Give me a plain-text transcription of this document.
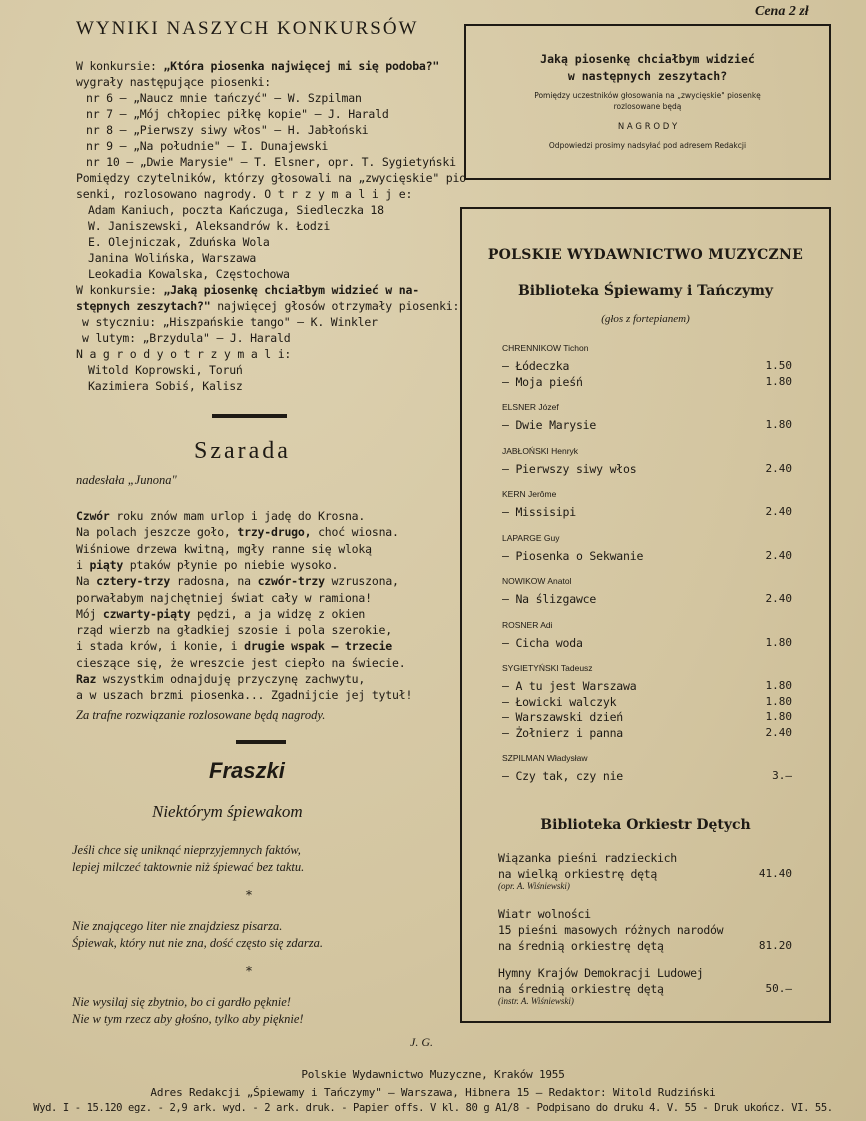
WYNIKI NASZYCH KONKURSÓW
W konkursie: „Która piosenka najwięcej mi się podoba?"
wygrały następujące piosenki:
nr 6 – „Naucz mnie tańczyć" – W. Szpilman
nr 7 – „Mój chłopiec piłkę kopie" – J. Harald
nr 8 – „Pierwszy siwy włos" – H. Jabłoński
nr 9 – „Na południe" – I. Dunajewski
nr 10 – „Dwie Marysie" – T. Elsner, opr. T. Sygietyński
Pomiędzy czytelników, którzy głosowali na „zwycięskie" pio-
senki, rozlosowano nagrody. O t r z y m a l i j e:
Adam Kaniuch, poczta Kańczuga, Siedleczka 18
W. Janiszewski, Aleksandrów k. Łodzi
E. Olejniczak, Zduńska Wola
Janina Wolińska, Warszawa
Leokadia Kowalska, Częstochowa
W konkursie: „Jaką piosenkę chciałbym widzieć w na-
stępnych zeszytach?" najwięcej głosów otrzymały piosenki:
w styczniu: „Hiszpańskie tango" – K. Winkler
w lutym: „Brzydula" – J. Harald
N a g r o d y o t r z y m a l i:
Witold Koprowski, Toruń
Kazimiera Sobiś, Kalisz
Szarada
nadesłała „Junona"
Czwór roku znów mam urlop i jadę do Krosna.
Na polach jeszcze goło, trzy-drugo, choć wiosna.
Wiśniowe drzewa kwitną, mgły ranne się wloką
i piąty ptaków płynie po niebie wysoko.
Na cztery-trzy radosna, na czwór-trzy wzruszona,
porwałabym najchętniej świat cały w ramiona!
Mój czwarty-piąty pędzi, a ja widzę z okien
rząd wierzb na gładkiej szosie i pola szerokie,
i stada krów, i konie, i drugie wspak – trzecie
cieszące się, że wreszcie jest ciepło na świecie.
Raz wszystkim odnajduję przyczynę zachwytu,
a w uszach brzmi piosenka... Zgadnijcie jej tytuł!
Za trafne rozwiązanie rozlosowane będą nagrody.
Fraszki
Niektórym śpiewakom
Jeśli chce się uniknąć nieprzyjemnych faktów,
lepiej milczeć taktownie niż śpiewać bez taktu.
Nie znającego liter nie znajdziesz pisarza.
Śpiewak, który nut nie zna, dość często się zdarza.
Nie wysilaj się zbytnio, bo ci gardło pęknie!
Nie w tym rzecz aby głośno, tylko aby pięknie!
*
*
J. G.
Cena 2 zł
Jaką piosenkę chciałbym widzieć
w następnych zeszytach?
Pomiędzy uczestników głosowania na „zwycięskie" piosenkę
rozlosowane będą
N A G R O D Y
Odpowiedzi prosimy nadsyłać pod adresem Redakcji
POLSKIE WYDAWNICTWO MUZYCZNE
Biblioteka Śpiewamy i Tańczymy
(głos z fortepianem)
CHRENNIKOW Tichon
— Łódeczka	1.50
— Moja pieśń	1.80
ELSNER Józef
— Dwie Marysie	1.80
JABŁOŃSKI Henryk
— Pierwszy siwy włos	2.40
KERN Jerôme
— Missisipi	2.40
LAPARGE Guy
— Piosenka o Sekwanie	2.40
NOWIKOW Anatol
— Na ślizgawce	2.40
ROSNER Adi
— Cicha woda	1.80
SYGIETYŃSKI Tadeusz
— A tu jest Warszawa	1.80
— Łowicki walczyk	1.80
— Warszawski dzień	1.80
— Żołnierz i panna	2.40
SZPILMAN Władysław
— Czy tak, czy nie	3.—
Biblioteka Orkiestr Dętych
Wiązanka pieśni radzieckich
na wielką orkiestrę dętą	41.40
(opr. A. Wiśniewski)
Wiatr wolności
15 pieśni masowych różnych narodów
na średnią orkiestrę dętą	81.20
Hymny Krajów Demokracji Ludowej
na średnią orkiestrę dętą	50.—
(instr. A. Wiśniewski)
Polskie Wydawnictwo Muzyczne, Kraków 1955
Adres Redakcji „Śpiewamy i Tańczymy" — Warszawa, Hibnera 15 — Redaktor: Witold Rudziński
Wyd. I - 15.120 egz. - 2,9 ark. wyd. - 2 ark. druk. - Papier offs. V kl. 80 g A1/8 - Podpisano do druku 4. V. 55 - Druk ukończ. VI. 55.
